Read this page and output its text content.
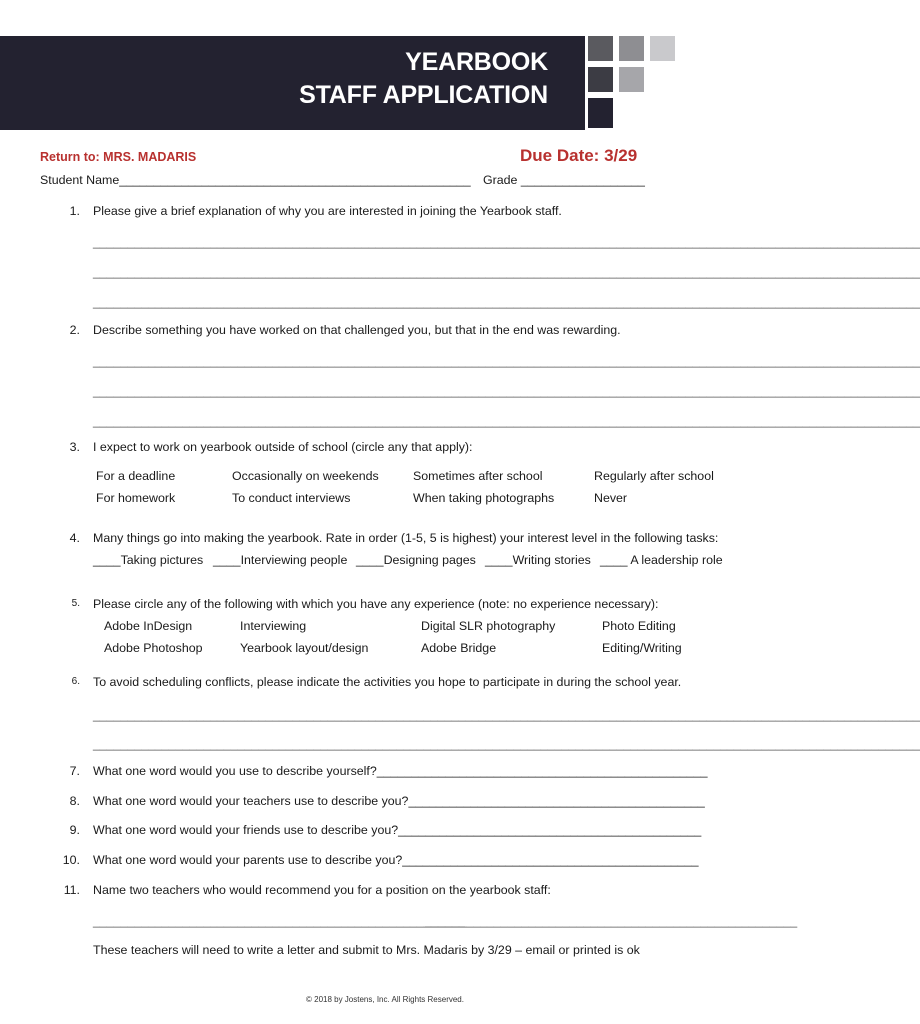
YEARBOOK
STAFF APPLICATION
Return to: MRS. MADARIS	Due Date: 3/29
Student Name___________________________________________________ Grade __________________
1. Please give a brief explanation of why you are interested in joining the Yearbook staff.
________________________________________________________________________________________________________________________
________________________________________________________________________________________________________________________
________________________________________________________________________________________________________________________
2. Describe something you have worked on that challenged you, but that in the end was rewarding.
________________________________________________________________________________________________________________________
________________________________________________________________________________________________________________________
________________________________________________________________________________________________________________________
3. I expect to work on yearbook outside of school (circle any that apply):
For a deadline	Occasionally on weekends	Sometimes after school	Regularly after school
For homework	To conduct interviews	When taking photographs	Never
4. Many things go into making the yearbook. Rate in order (1-5, 5 is highest) your interest level in the following tasks:
____Taking pictures ____Interviewing people ____Designing pages ____Writing stories ____ A leadership role
5. Please circle any of the following with which you have any experience (note: no experience necessary):
Adobe InDesign	Interviewing	Digital SLR photography	Photo Editing
Adobe Photoshop	Yearbook layout/design	Adobe Bridge	Editing/Writing
6. To avoid scheduling conflicts, please indicate the activities you hope to participate in during the school year.
________________________________________________________________________________________________________________________
________________________________________________________________________________________________________________________
7. What one word would you use to describe yourself?________________________________________________
8. What one word would your teachers use to describe you?___________________________________________
9. What one word would your friends use to describe you?____________________________________________
10. What one word would your parents use to describe you?___________________________________________
11. Name two teachers who would recommend you for a position on the yearbook staff:
______________________________________________________
______________________________________________________
These teachers will need to write a letter and submit to Mrs. Madaris by 3/29 – email or printed is ok
© 2018 by Jostens, Inc. All Rights Reserved.
